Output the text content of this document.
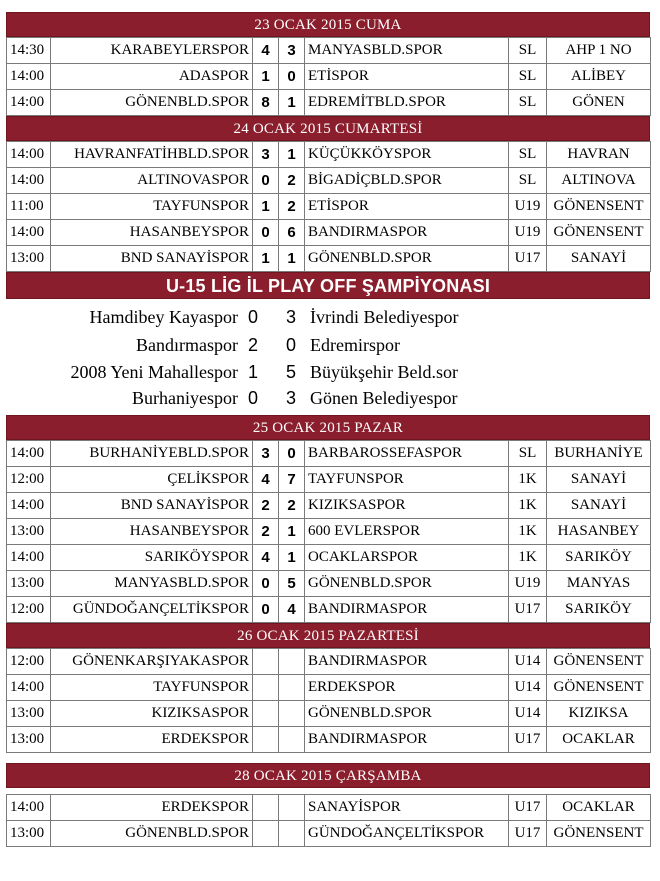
23 OCAK 2015 CUMA
14:30	KARABEYLERSPOR	4	3	MANYASBLD.SPOR	SL	AHP 1 NO
14:00	ADASPOR	1	0	ETİSPOR	SL	ALİBEY
14:00	GÖNENBLD.SPOR	8	1	EDREMİTBLD.SPOR	SL	GÖNEN
24 OCAK 2015 CUMARTESİ
14:00	HAVRANFATİHBLD.SPOR	3	1	KÜÇÜKKÖYSPOR	SL	HAVRAN
14:00	ALTINOVASPOR	0	2	BİGADİÇBLD.SPOR	SL	ALTINOVA
11:00	TAYFUNSPOR	1	2	ETİSPOR	U19	GÖNENSENT
14:00	HASANBEYSPOR	0	6	BANDIRMASPOR	U19	GÖNENSENT
13:00	BND SANAYİSPOR	1	1	GÖNENBLD.SPOR	U17	SANAYİ
U-15 LİG İL PLAY OFF ŞAMPİYONASI
Hamdibey Kayaspor 0 3 İvrindi Belediyespor
Bandırmaspor 2 0 Edremirspor
2008 Yeni Mahallespor 1 5 Büyükşehir Beld.sor
Burhaniyespor 0 3 Gönen Belediyespor
25 OCAK 2015 PAZAR
14:00	BURHANİYEBLD.SPOR	3	0	BARBAROSSEFASPOR	SL	BURHANİYE
12:00	ÇELİKSPOR	4	7	TAYFUNSPOR	1K	SANAYİ
14:00	BND SANAYİSPOR	2	2	KIZIKSASPOR	1K	SANAYİ
13:00	HASANBEYSPOR	2	1	600 EVLERSPOR	1K	HASANBEY
14:00	SARIKÖYSPOR	4	1	OCAKLARSPOR	1K	SARIKÖY
13:00	MANYASBLD.SPOR	0	5	GÖNENBLD.SPOR	U19	MANYAS
12:00	GÜNDOĞANÇELTİKSPOR	0	4	BANDIRMASPOR	U17	SARIKÖY
26 OCAK 2015 PAZARTESİ
12:00	GÖNENKARŞIYAKASPOR			BANDIRMASPOR	U14	GÖNENSENT
14:00	TAYFUNSPOR			ERDEKSPOR	U14	GÖNENSENT
13:00	KIZIKSASPOR			GÖNENBLD.SPOR	U14	KIZIKSA
13:00	ERDEKSPOR			BANDIRMASPOR	U17	OCAKLAR
28 OCAK 2015 ÇARŞAMBA
14:00	ERDEKSPOR			SANAYİSPOR	U17	OCAKLAR
13:00	GÖNENBLD.SPOR			GÜNDOĞANÇELTİKSPOR	U17	GÖNENSENT
